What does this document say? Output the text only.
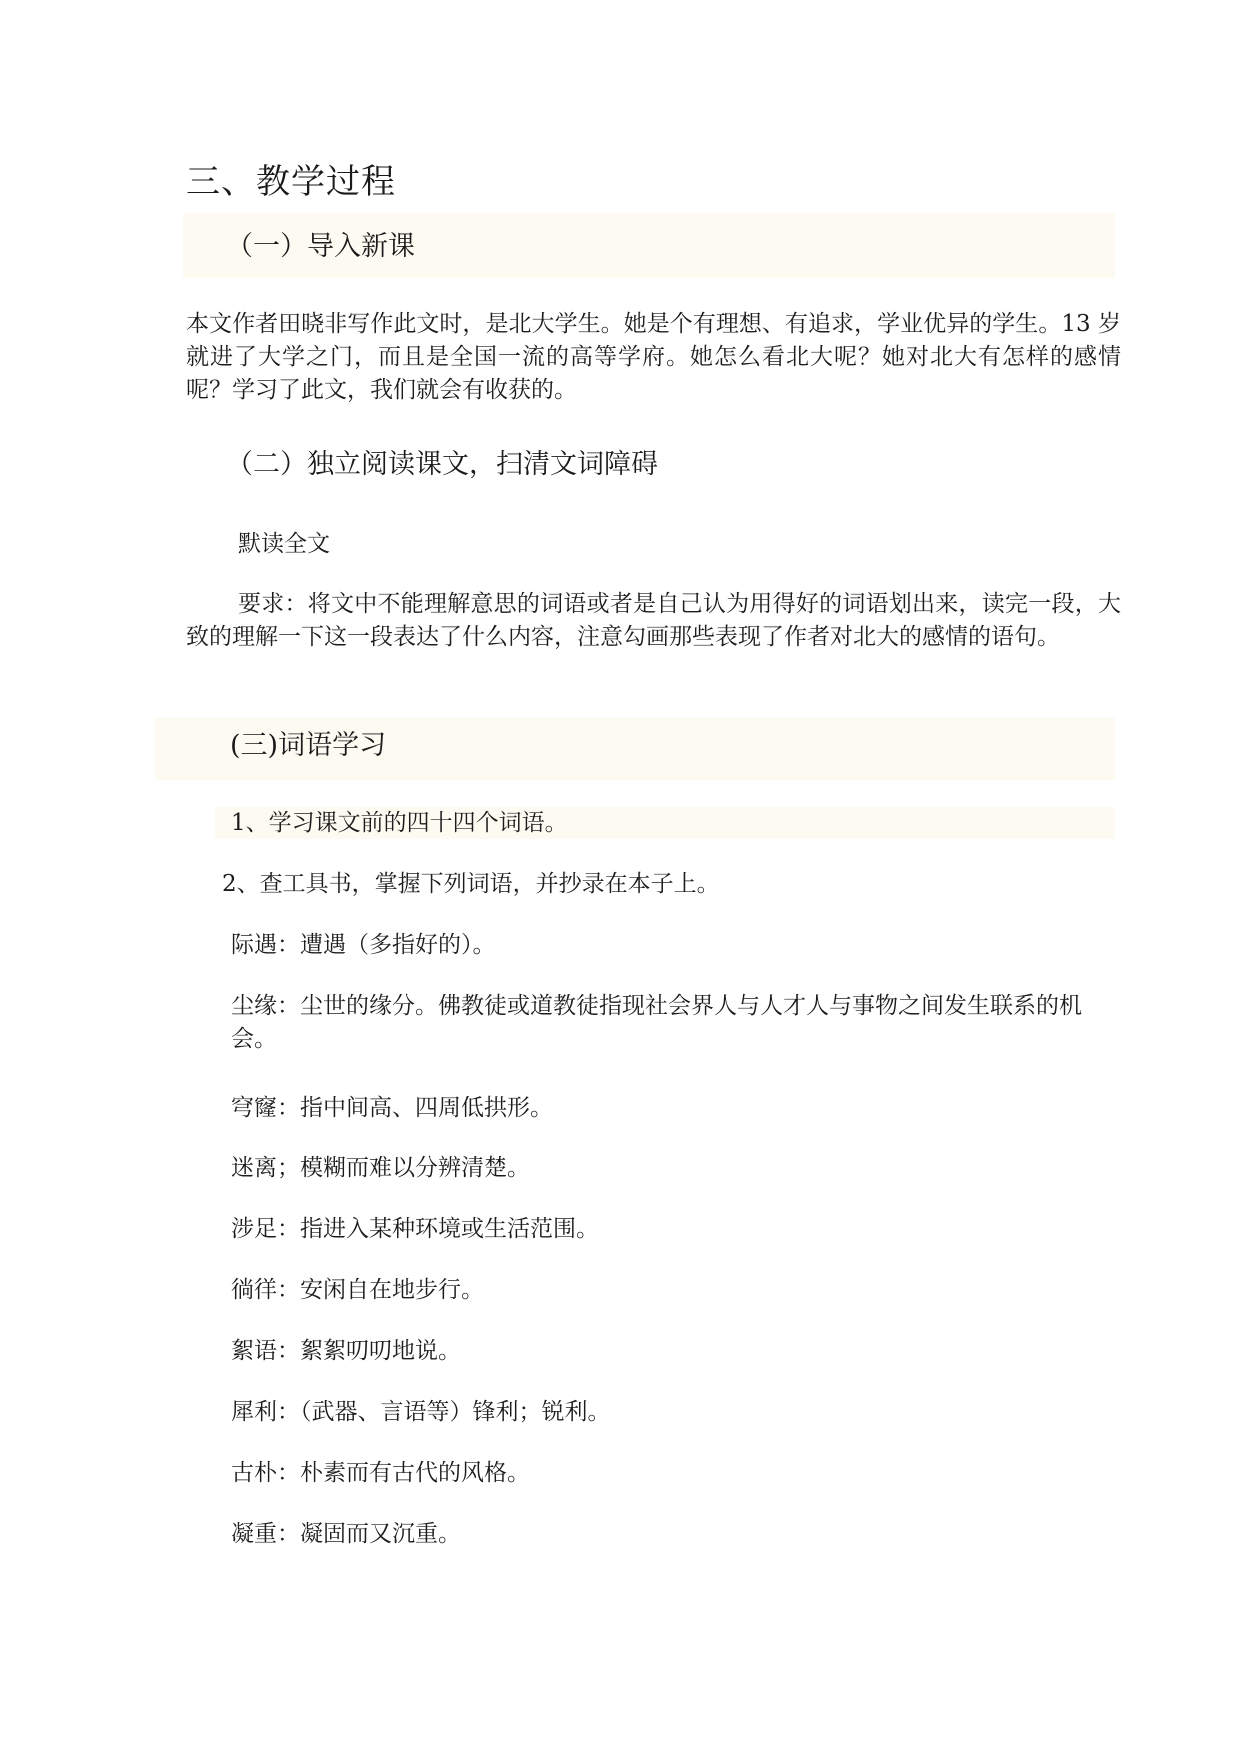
三、教学过程
（一）导入新课

本文作者田晓非写作此文时，是北大学生。她是个有理想、有追求，学业优异的学生。13 岁就进了大学之门，而且是全国一流的高等学府。她怎么看北大呢？她对北大有怎样的感情呢？学习了此文，我们就会有收获的。

（二）独立阅读课文，扫清文词障碍
默读全文

要求：将文中不能理解意思的词语或者是自己认为用得好的词语划出来，读完一段，大致的理解一下这一段表达了什么内容，注意勾画那些表现了作者对北大的感情的语句。

(三)词语学习
1、学习课文前的四十四个词语。
2、查工具书，掌握下列词语，并抄录在本子上。
际遇：遭遇（多指好的）。
尘缘：尘世的缘分。佛教徒或道教徒指现社会界人与人才人与事物之间发生联系的机会。
穹窿：指中间高、四周低拱形。
迷离；模糊而难以分辨清楚。
涉足：指进入某种环境或生活范围。
徜徉：安闲自在地步行。
絮语：絮絮叨叨地说。
犀利：（武器、言语等）锋利；锐利。
古朴：朴素而有古代的风格。
凝重：凝固而又沉重。
